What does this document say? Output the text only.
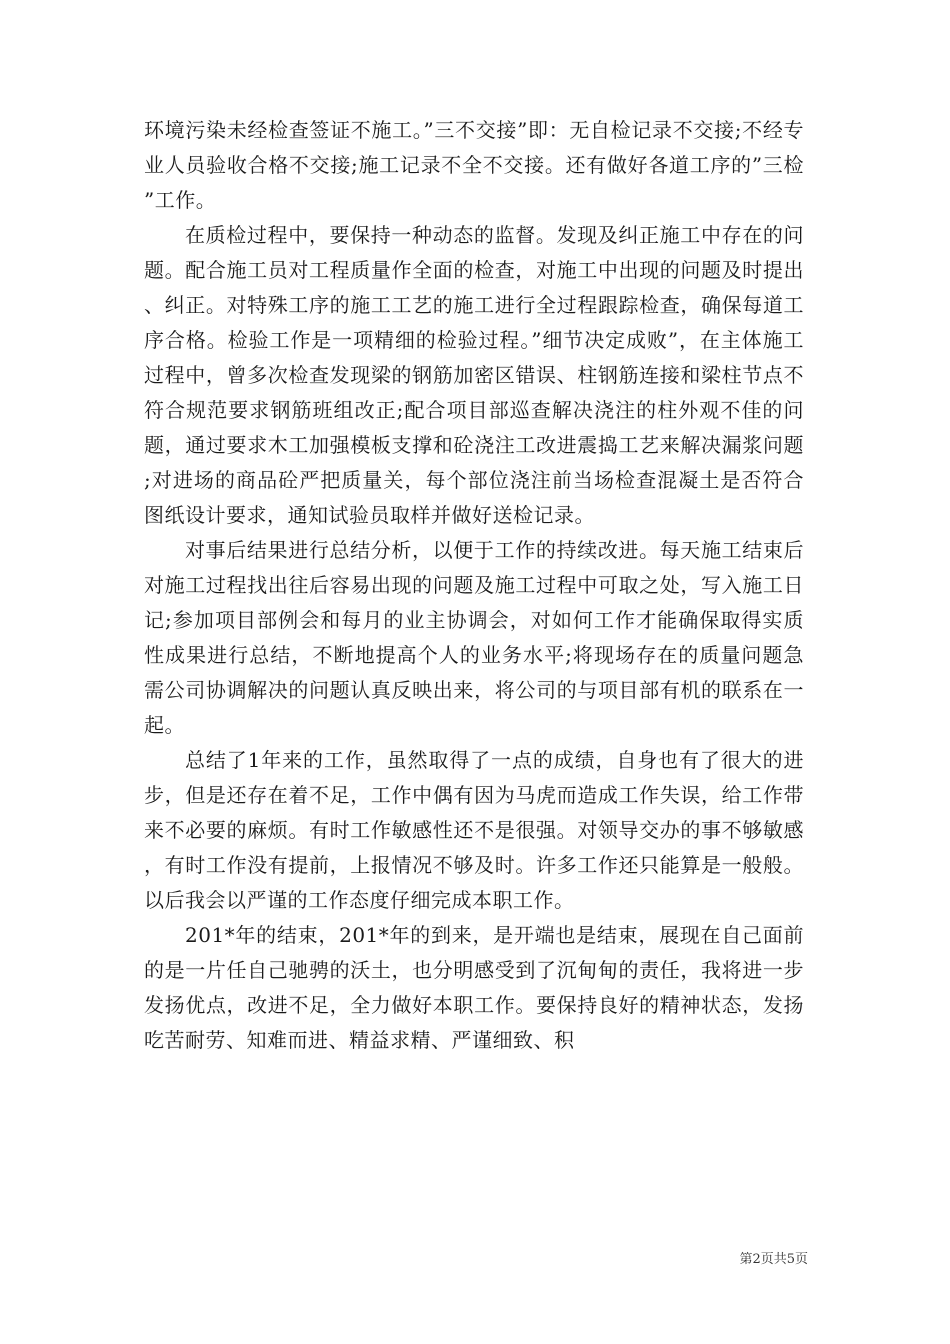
环境污染未经检查签证不施工。”三不交接”即：无自检记录不交接;不经专业人员验收合格不交接;施工记录不全不交接。还有做好各道工序的”三检”工作。

在质检过程中，要保持一种动态的监督。发现及纠正施工中存在的问题。配合施工员对工程质量作全面的检查，对施工中出现的问题及时提出、纠正。对特殊工序的施工工艺的施工进行全过程跟踪检查，确保每道工序合格。检验工作是一项精细的检验过程。”细节决定成败”，在主体施工过程中，曾多次检查发现梁的钢筋加密区错误、柱钢筋连接和梁柱节点不符合规范要求钢筋班组改正;配合项目部巡查解决浇注的柱外观不佳的问题，通过要求木工加强模板支撑和砼浇注工改进震捣工艺来解决漏浆问题;对进场的商品砼严把质量关，每个部位浇注前当场检查混凝土是否符合图纸设计要求，通知试验员取样并做好送检记录。

对事后结果进行总结分析，以便于工作的持续改进。每天施工结束后对施工过程找出往后容易出现的问题及施工过程中可取之处，写入施工日记;参加项目部例会和每月的业主协调会，对如何工作才能确保取得实质性成果进行总结，不断地提高个人的业务水平;将现场存在的质量问题急需公司协调解决的问题认真反映出来，将公司的与项目部有机的联系在一起。

总结了1年来的工作，虽然取得了一点的成绩，自身也有了很大的进步，但是还存在着不足，工作中偶有因为马虎而造成工作失误，给工作带来不必要的麻烦。有时工作敏感性还不是很强。对领导交办的事不够敏感，有时工作没有提前，上报情况不够及时。许多工作还只能算是一般般。以后我会以严谨的工作态度仔细完成本职工作。

201*年的结束，201*年的到来，是开端也是结束，展现在自己面前的是一片任自己驰骋的沃土，也分明感受到了沉甸甸的责任，我将进一步发扬优点，改进不足，全力做好本职工作。要保持良好的精神状态，发扬吃苦耐劳、知难而进、精益求精、严谨细致、积

第2页共5页
